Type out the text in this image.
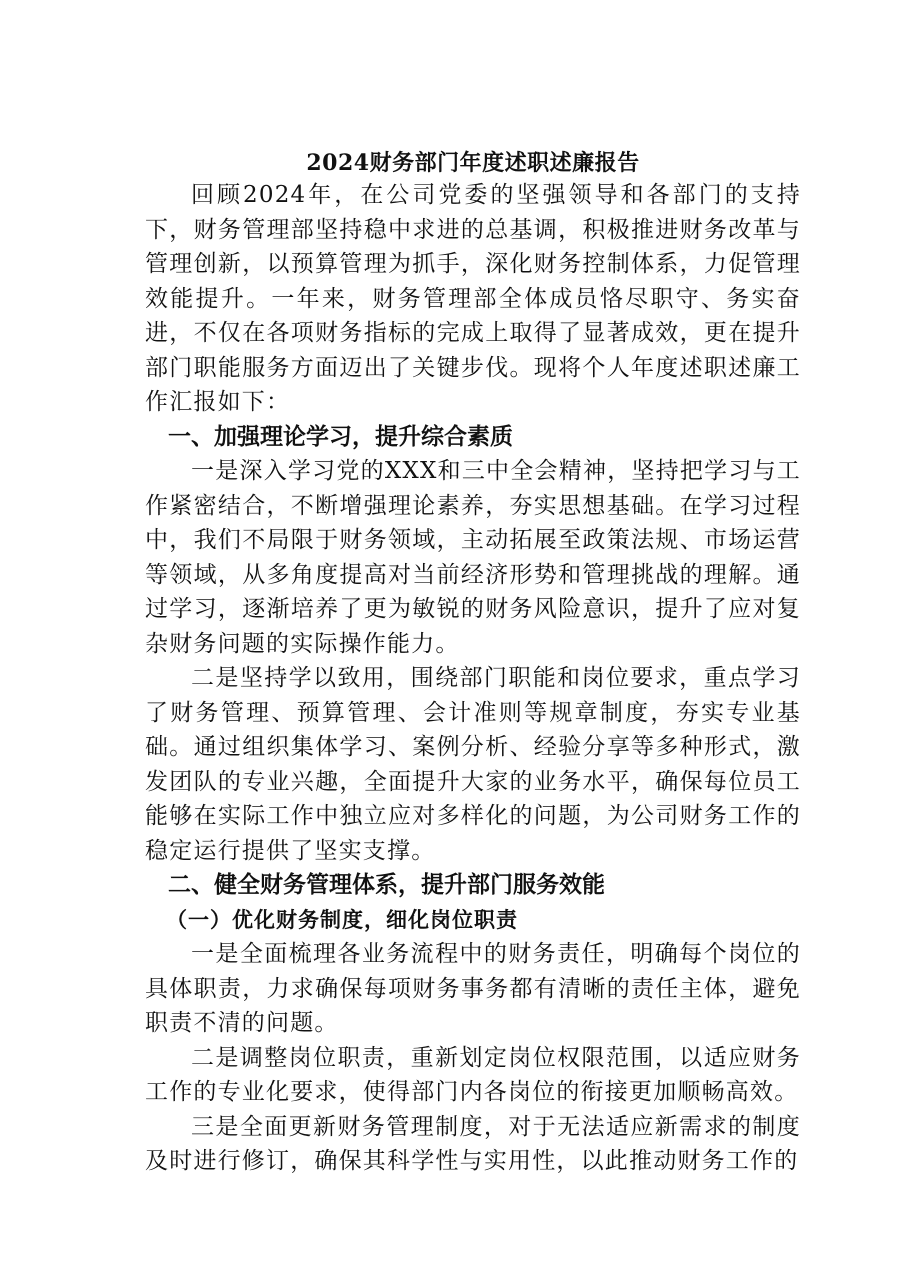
2024财务部门年度述职述廉报告

回顾2024年，在公司党委的坚强领导和各部门的支持下，财务管理部坚持稳中求进的总基调，积极推进财务改革与管理创新，以预算管理为抓手，深化财务控制体系，力促管理效能提升。一年来，财务管理部全体成员恪尽职守、务实奋进，不仅在各项财务指标的完成上取得了显著成效，更在提升部门职能服务方面迈出了关键步伐。现将个人年度述职述廉工作汇报如下：

一、加强理论学习，提升综合素质

一是深入学习党的XXX和三中全会精神，坚持把学习与工作紧密结合，不断增强理论素养，夯实思想基础。在学习过程中，我们不局限于财务领域，主动拓展至政策法规、市场运营等领域，从多角度提高对当前经济形势和管理挑战的理解。通过学习，逐渐培养了更为敏锐的财务风险意识，提升了应对复杂财务问题的实际操作能力。

二是坚持学以致用，围绕部门职能和岗位要求，重点学习了财务管理、预算管理、会计准则等规章制度，夯实专业基础。通过组织集体学习、案例分析、经验分享等多种形式，激发团队的专业兴趣，全面提升大家的业务水平，确保每位员工能够在实际工作中独立应对多样化的问题，为公司财务工作的稳定运行提供了坚实支撑。

二、健全财务管理体系，提升部门服务效能
（一）优化财务制度，细化岗位职责

一是全面梳理各业务流程中的财务责任，明确每个岗位的具体职责，力求确保每项财务事务都有清晰的责任主体，避免职责不清的问题。

二是调整岗位职责，重新划定岗位权限范围，以适应财务工作的专业化要求，使得部门内各岗位的衔接更加顺畅高效。

三是全面更新财务管理制度，对于无法适应新需求的制度及时进行修订，确保其科学性与实用性，以此推动财务工作的
